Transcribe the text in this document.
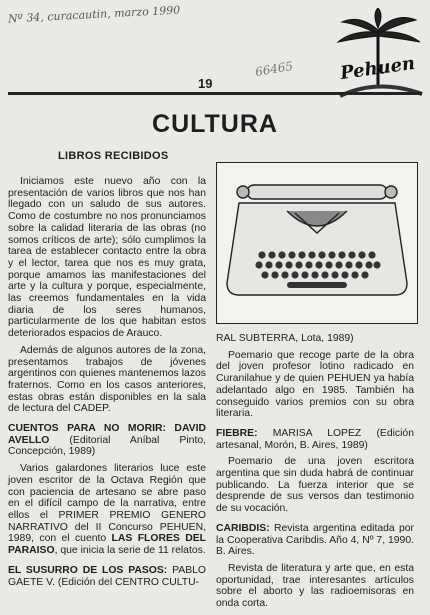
Nº 34, curacautin, marzo 1990
66465 Pehuen
19
CULTURA
LIBROS RECIBIDOS

Iniciamos este nuevo año con la presentación de varios libros que nos han llegado con un saludo de sus autores. Como de costumbre no nos pronunciamos sobre la calidad literaria de las obras (no somos críticos de arte); sólo cumplimos la tarea de establecer contacto entre la obra y el lector, tarea que nos es muy grata, porque amamos las manifestaciones del arte y la cultura y porque, especialmente, las creemos fundamentales en la vida diaria de los seres humanos, particularmente de los que habitan estos deteriorados espacios de Arauco.

Además de algunos autores de la zona, presentamos trabajos de jóvenes argentinos con quienes mantenemos lazos fraternos. Como en los casos anteriores, estas obras están disponibles en la sala de lectura del CADEP.

CUENTOS PARA NO MORIR: DAVID AVELLO (Editorial Aníbal Pinto, Concepción, 1989)

Varios galardones literarios luce este joven escritor de la Octava Región que con paciencia de artesano se abre paso en el difícil campo de la narrativa, entre ellos el PRIMER PREMIO GENERO NARRATIVO del II Concurso PEHUEN, 1989, con el cuento LAS FLORES DEL PARAISO, que inicia la serie de 11 relatos.

EL SUSURRO DE LOS PASOS: PABLO GAETE V. (Edición del CENTRO CULTU-

RAL SUBTERRA, Lota, 1989)

Poemario que recoge parte de la obra del joven profesor lotino radicado en Curanilahue y de quien PEHUEN ya había adelantado algo en 1985. También ha conseguido varios premios con su obra literaria.

FIEBRE: MARISA LOPEZ (Edición artesanal, Morón, B. Aires, 1989)

Poemario de una joven escritora argentina que sin duda habrá de continuar publicando. La fuerza interior que se desprende de sus versos dan testimonio de su vocación.

CARIBDIS: Revista argentina editada por la Cooperativa Caribdis. Año 4, Nº 7, 1990. B. Aires.

Revista de literatura y arte que, en esta oportunidad, trae interesantes artículos sobre el aborto y las radioemisoras en onda corta.
